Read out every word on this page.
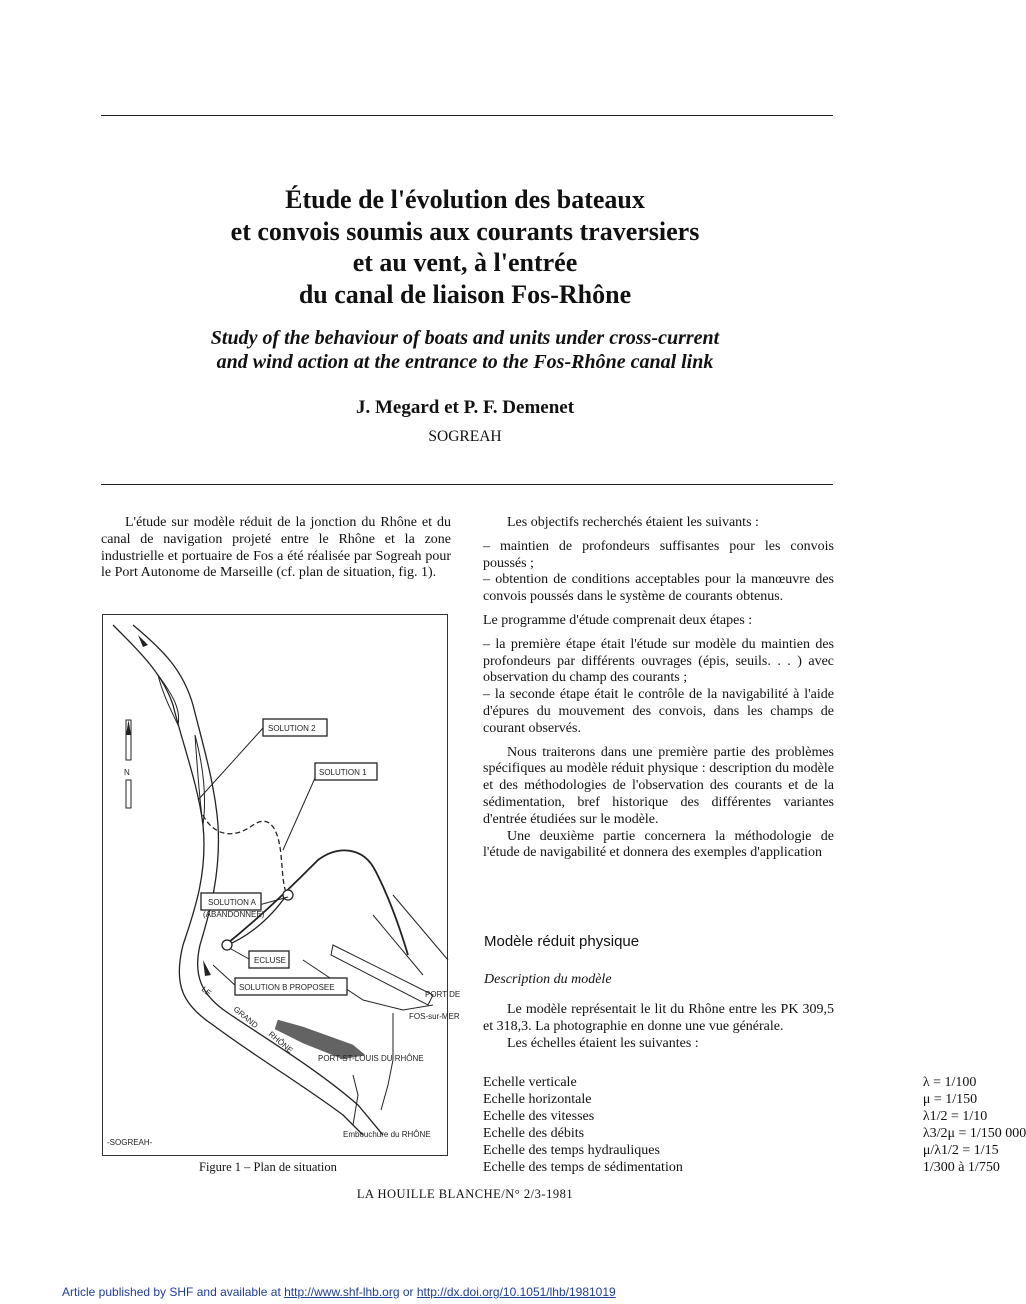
Étude de l'évolution des bateaux
et convois soumis aux courants traversiers
et au vent, à l'entrée
du canal de liaison Fos-Rhône
Study of the behaviour of boats and units under cross-current
and wind action at the entrance to the Fos-Rhône canal link
J. Megard et P. F. Demenet
SOGREAH

L'étude sur modèle réduit de la jonction du Rhône et du canal de navigation projeté entre le Rhône et la zone industrielle et portuaire de Fos a été réalisée par Sogreah pour le Port Autonome de Marseille (cf. plan de situation, fig. 1).

N
SOLUTION 2
SOLUTION 1
SOLUTION A
(ABANDONNEE)
ECLUSE
SOLUTION B PROPOSEE
PORT DE
FOS-sur-MER
PORT-ST-LOUIS DU RHÔNE
Embouchure du RHÔNE
LE
GRAND
RHÔNE
-SOGREAH-
Figure 1 – Plan de situation

Les objectifs recherchés étaient les suivants :

– maintien de profondeurs suffisantes pour les convois poussés ;

– obtention de conditions acceptables pour la manœuvre des convois poussés dans le système de courants obtenus.

Le programme d'étude comprenait deux étapes :

– la première étape était l'étude sur modèle du maintien des profondeurs par différents ouvrages (épis, seuils. . . ) avec observation du champ des courants ;

– la seconde étape était le contrôle de la navigabilité à l'aide d'épures du mouvement des convois, dans les champs de courant observés.

Nous traiterons dans une première partie des problèmes spécifiques au modèle réduit physique : description du modèle et des méthodologies de l'observation des courants et de la sédimentation, bref historique des différentes variantes d'entrée étudiées sur le modèle.

Une deuxième partie concernera la méthodologie de l'étude de navigabilité et donnera des exemples d'application

Modèle réduit physique
Description du modèle

Le modèle représentait le lit du Rhône entre les PK 309,5 et 318,3. La photographie en donne une vue générale.

Les échelles étaient les suivantes :

Echelle verticale	λ = 1/100
Echelle horizontale	μ = 1/150
Echelle des vitesses	λ1/2 = 1/10
Echelle des débits	λ3/2μ = 1/150 000
Echelle des temps hydrauliques	μ/λ1/2 = 1/15
Echelle des temps de sédimentation	1/300 à 1/750
LA HOUILLE BLANCHE/N° 2/3-1981
Article published by SHF and available at http://www.shf-lhb.org or http://dx.doi.org/10.1051/lhb/1981019
